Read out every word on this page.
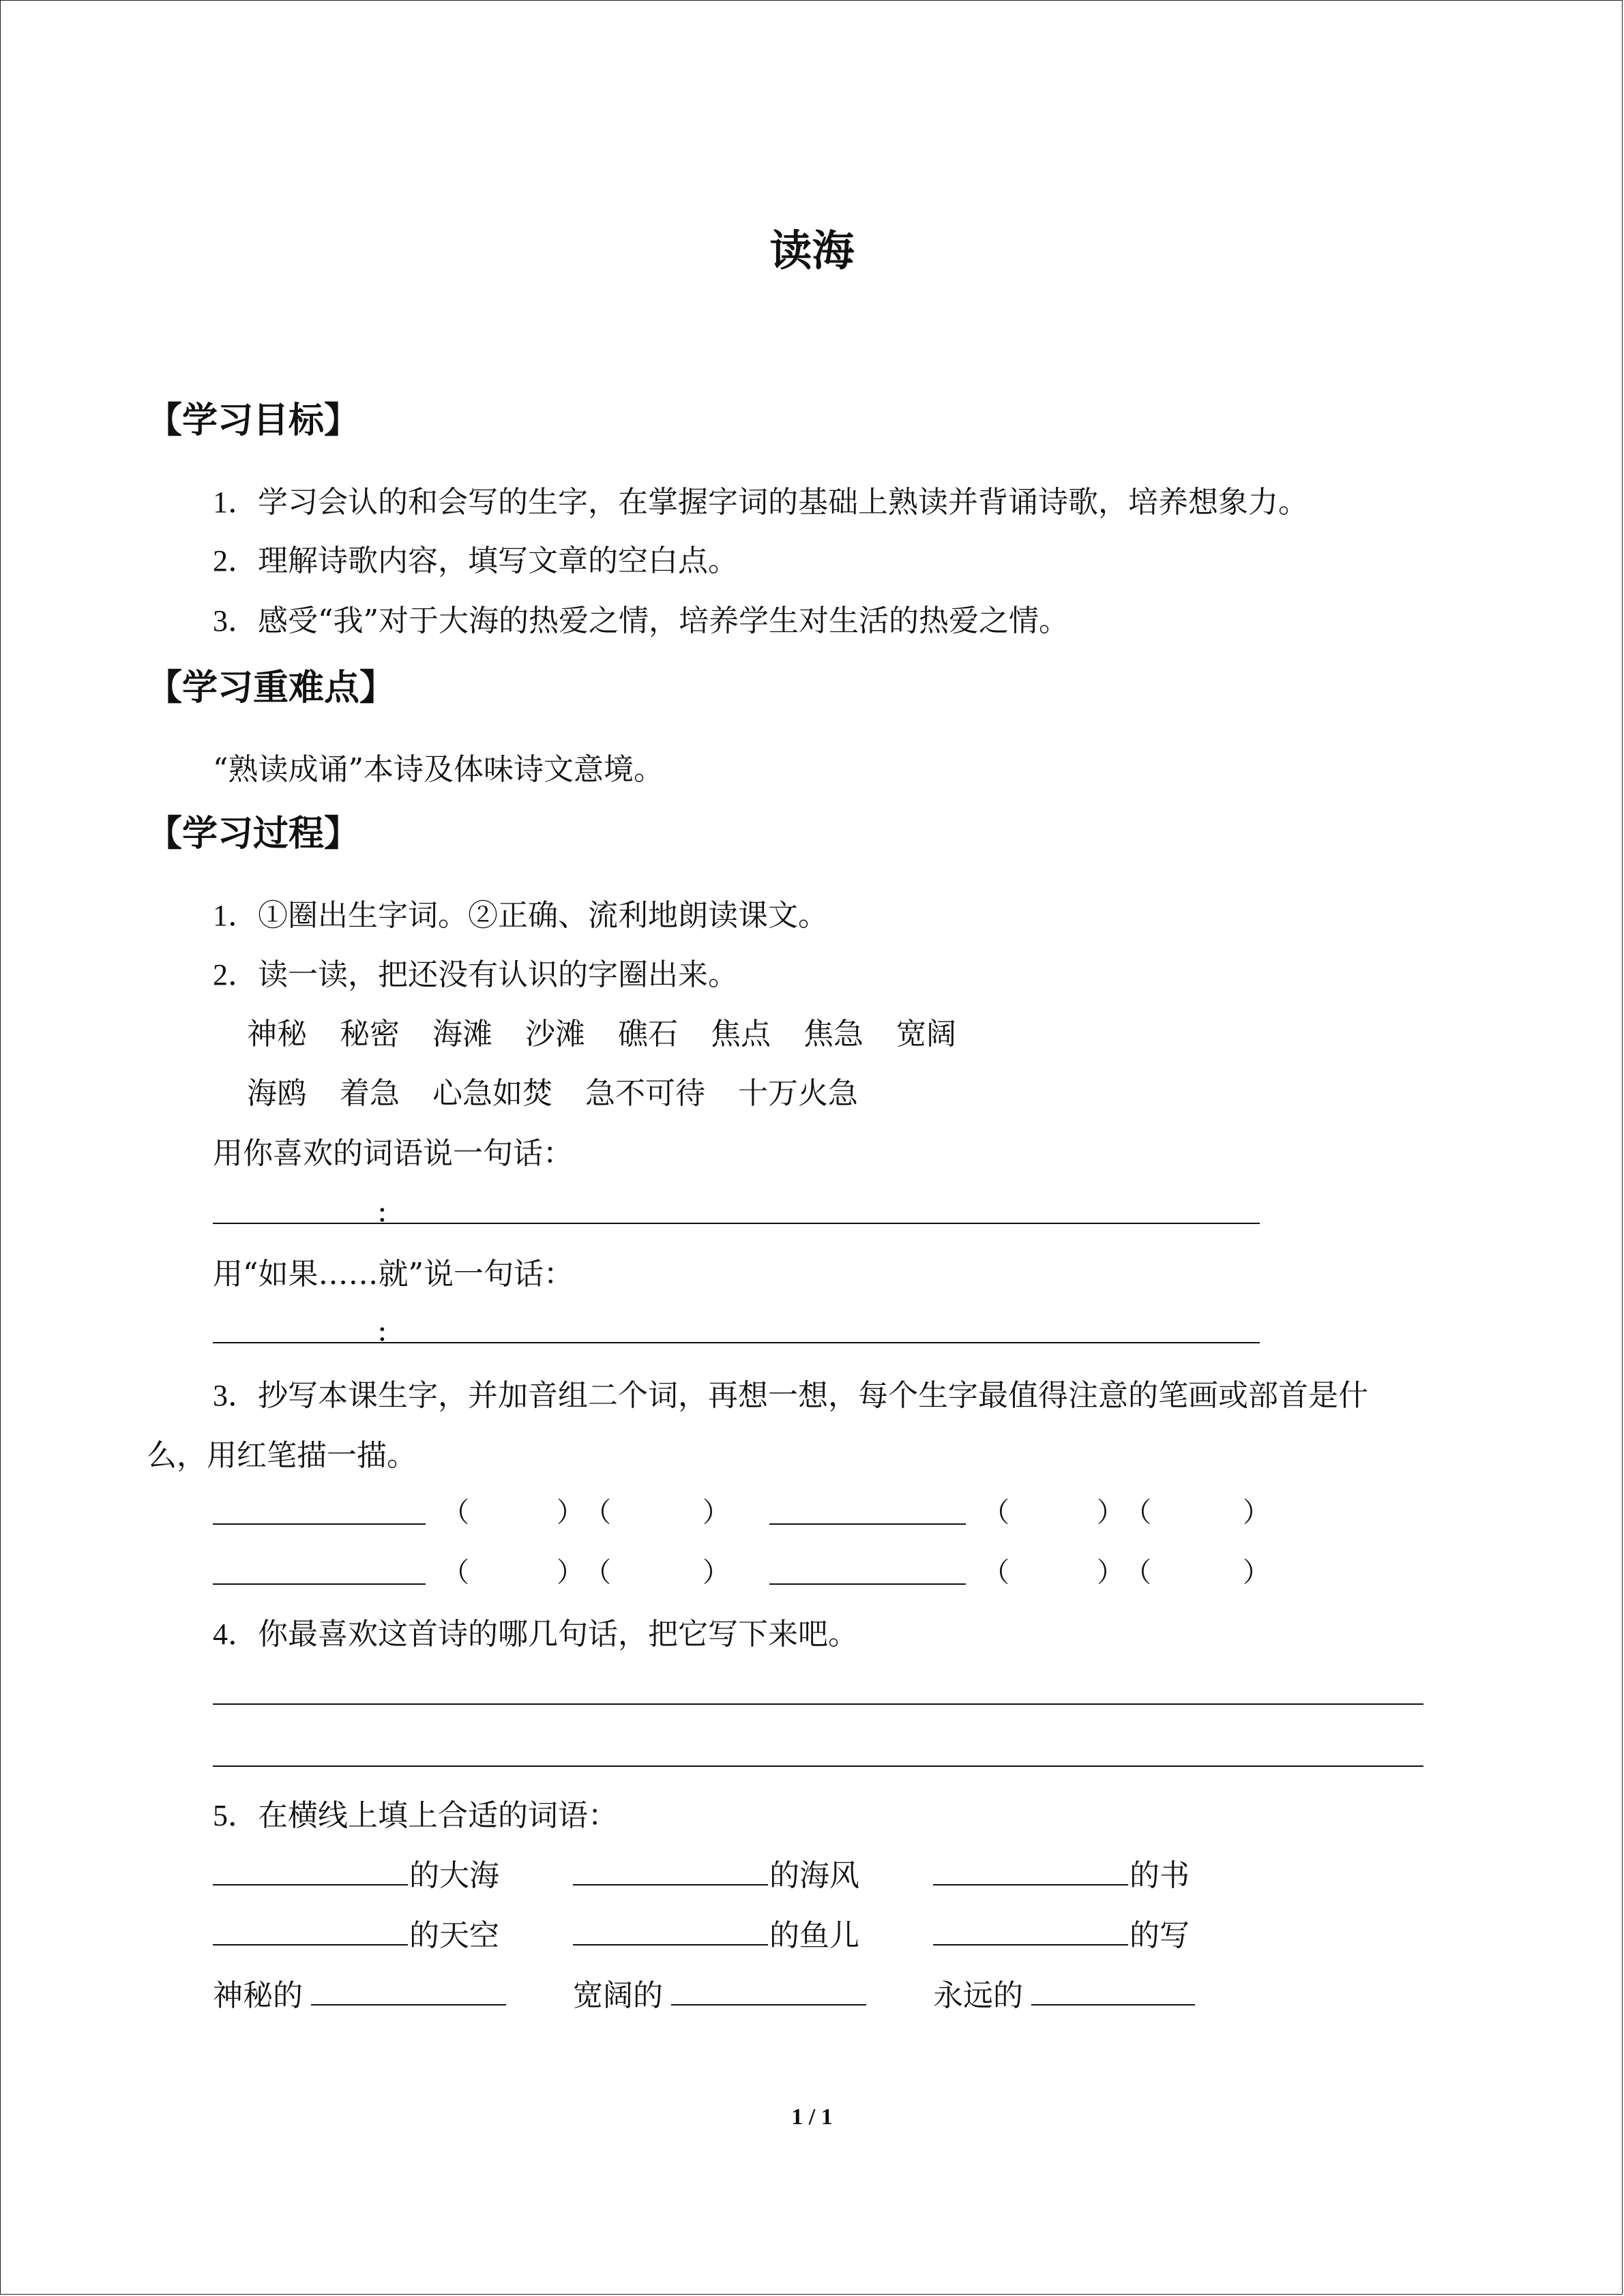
读海
【学习目标】
1．学习会认的和会写的生字，在掌握字词的基础上熟读并背诵诗歌，培养想象力。
2．理解诗歌内容，填写文章的空白点。
3．感受“我”对于大海的热爱之情，培养学生对生活的热爱之情。
【学习重难点】
“熟读成诵”本诗及体味诗文意境。
【学习过程】
1．①圈出生字词。②正确、流利地朗读课文。
2．读一读，把还没有认识的字圈出来。
神秘 秘密 海滩 沙滩 礁石 焦点 焦急 宽阔
海鸥 着急 心急如焚 急不可待 十万火急
用你喜欢的词语说一句话：
：
用“如果……就”说一句话：
：
3．抄写本课生字，并加音组二个词，再想一想，每个生字最值得注意的笔画或部首是什
么，用红笔描一描。
（	） （	）	（	） （	）
（	） （	）	（	） （	）
4．你最喜欢这首诗的哪几句话，把它写下来吧。
5．在横线上填上合适的词语：
的大海	的海风	的书
的天空	的鱼儿	的写
神秘的	宽阔的	永远的
1 / 1
